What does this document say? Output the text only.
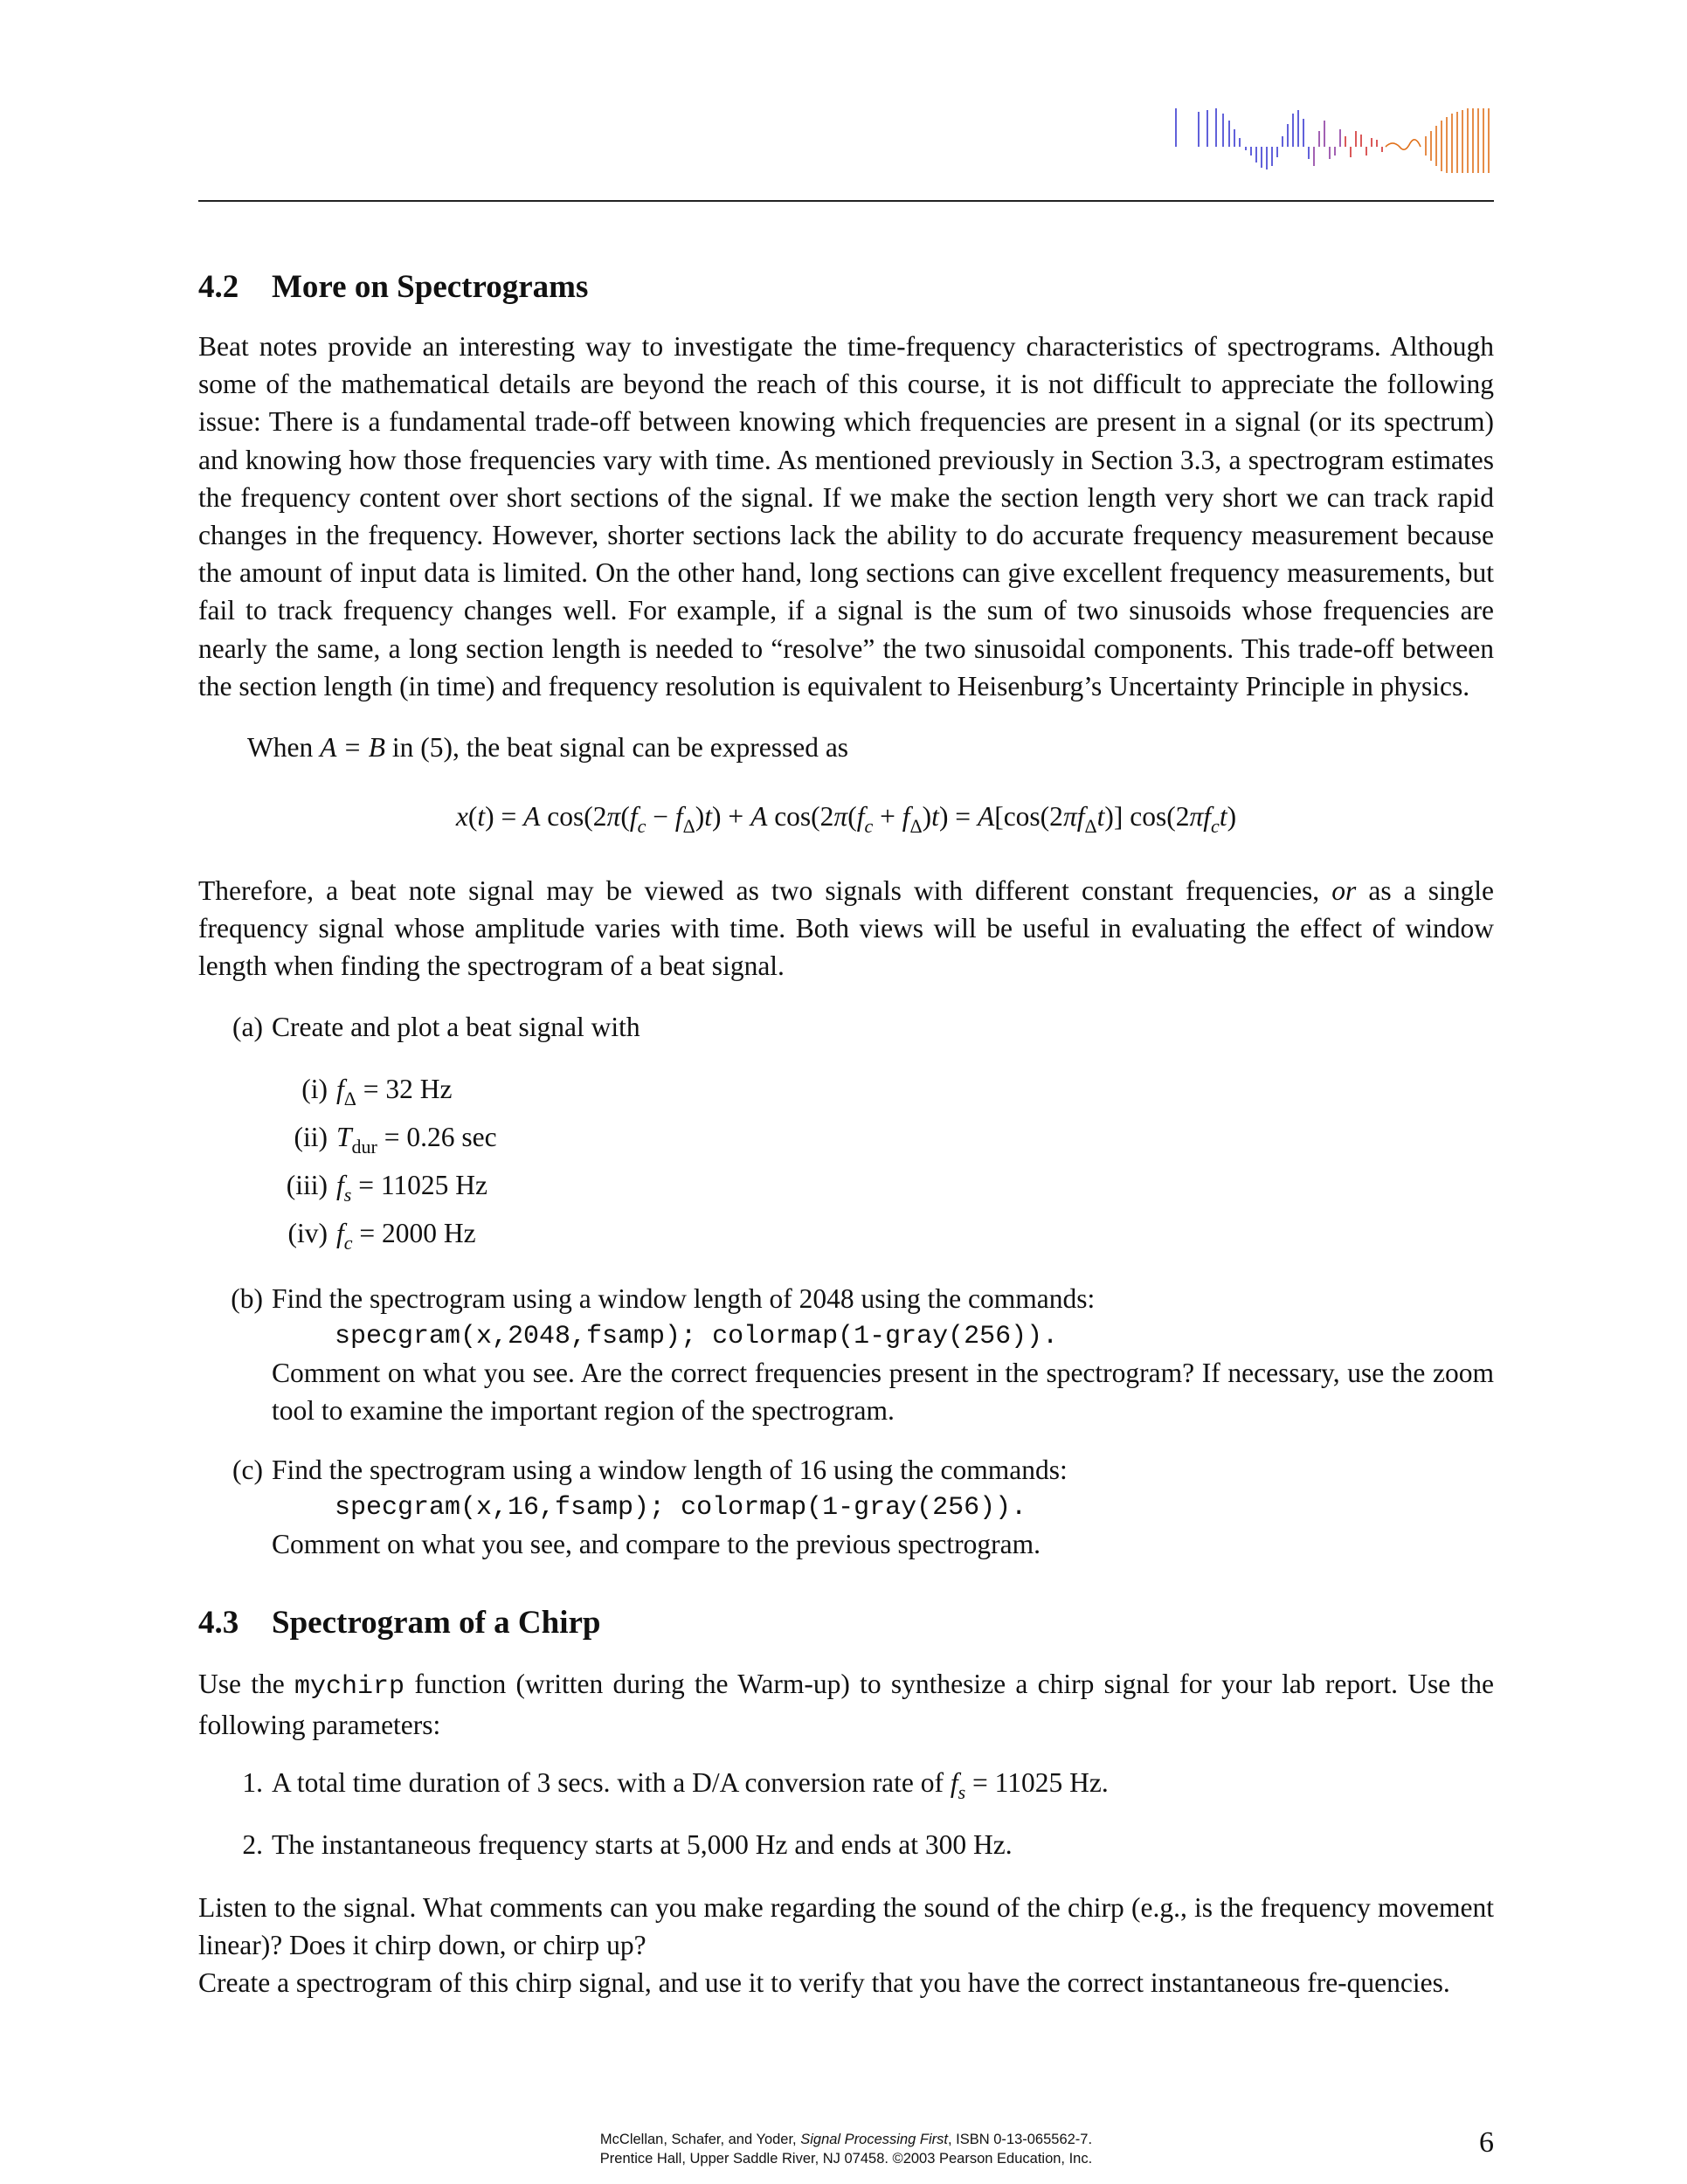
4.2 More on Spectrograms

Beat notes provide an interesting way to investigate the time-frequency characteristics of spectrograms. Although some of the mathematical details are beyond the reach of this course, it is not difficult to appreciate the following issue: There is a fundamental trade-off between knowing which frequencies are present in a signal (or its spectrum) and knowing how those frequencies vary with time. As mentioned previously in Section 3.3, a spectrogram estimates the frequency content over short sections of the signal. If we make the section length very short we can track rapid changes in the frequency. However, shorter sections lack the ability to do accurate frequency measurement because the amount of input data is limited. On the other hand, long sections can give excellent frequency measurements, but fail to track frequency changes well. For example, if a signal is the sum of two sinusoids whose frequencies are nearly the same, a long section length is needed to “resolve” the two sinusoidal components. This trade-off between the section length (in time) and frequency resolution is equivalent to Heisenburg’s Uncertainty Principle in physics.

When A = B in (5), the beat signal can be expressed as

x(t) = A $\cos(2\pi(f_c - f_\Delta)t) + A$ $\cos(2\pi(f_c + f_\Delta)t) = A[\cos(2\pi f_\Delta t)]$ $\cos(2\pi f_ct)$

Therefore, a beat note signal may be viewed as two signals with different constant frequencies, or as a single frequency signal whose amplitude varies with time. Both views will be useful in evaluating the effect of window length when finding the spectrogram of a beat signal.

(a) Create and plot a beat signal with
(i) $f_\Delta = 32$ Hz
(ii) $T_{dur} = 0.26$ sec
(iii) $f_s = 11025$ Hz
(iv) $f_c = 2000$ Hz
(b) Find the spectrogram using a window length of 2048 using the commands:
specgram(x,2048,fsamp); colormap(1-gray(256)).

Comment on what you see. Are the correct frequencies present in the spectrogram? If necessary, use the zoom tool to examine the important region of the spectrogram.

(c) Find the spectrogram using a window length of 16 using the commands:
specgram(x,16,fsamp); colormap(1-gray(256)).

Comment on what you see, and compare to the previous spectrogram.

4.3 Spectrogram of a Chirp

Use the mychirp function (written during the Warm-up) to synthesize a chirp signal for your lab report. Use the following parameters:

1. A total time duration of 3 secs. with a D/A conversion rate of $f_s = 11025$ Hz.
2. The instantaneous frequency starts at 5,000 Hz and ends at 300 Hz.

Listen to the signal. What comments can you make regarding the sound of the chirp (e.g., is the frequency movement linear)? Does it chirp down, or chirp up?

Create a spectrogram of this chirp signal, and use it to verify that you have the correct instantaneous fre-quencies.

McClellan, Schafer, and Yoder, Signal Processing First, ISBN 0-13-065562-7.
Prentice Hall, Upper Saddle River, NJ 07458. ©2003 Pearson Education, Inc.	6
